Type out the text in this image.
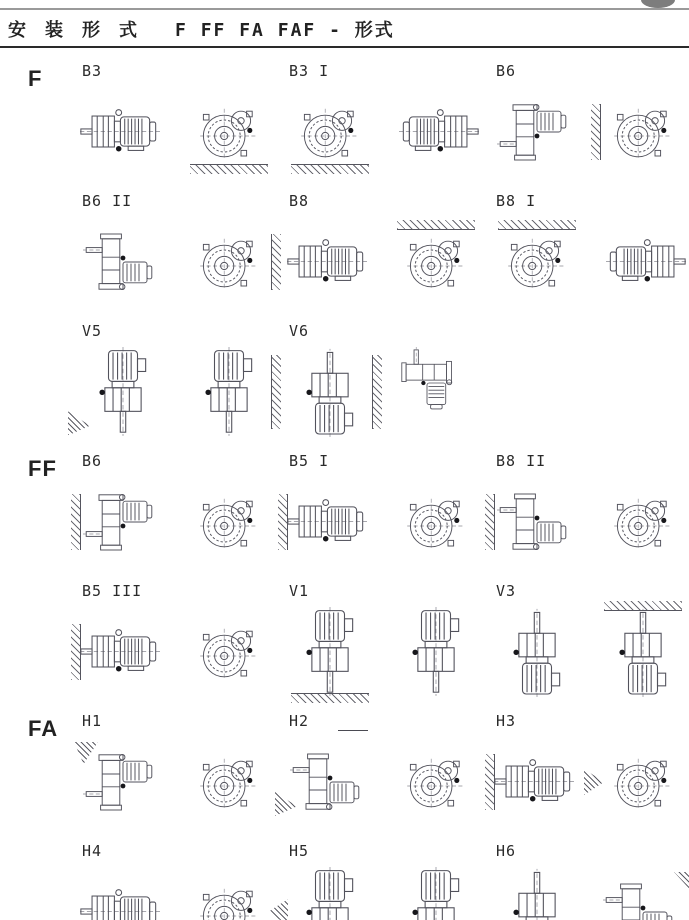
安 装 形 式 F FF FA FAF - 形式
F	B3	B3 I	B6
B6 II	B8	B8 I
V5	V6
FF	B6	B5 I	B8 II
B5 III	V1	V3
FA	H1	H2	H3
H4	H5	H6
